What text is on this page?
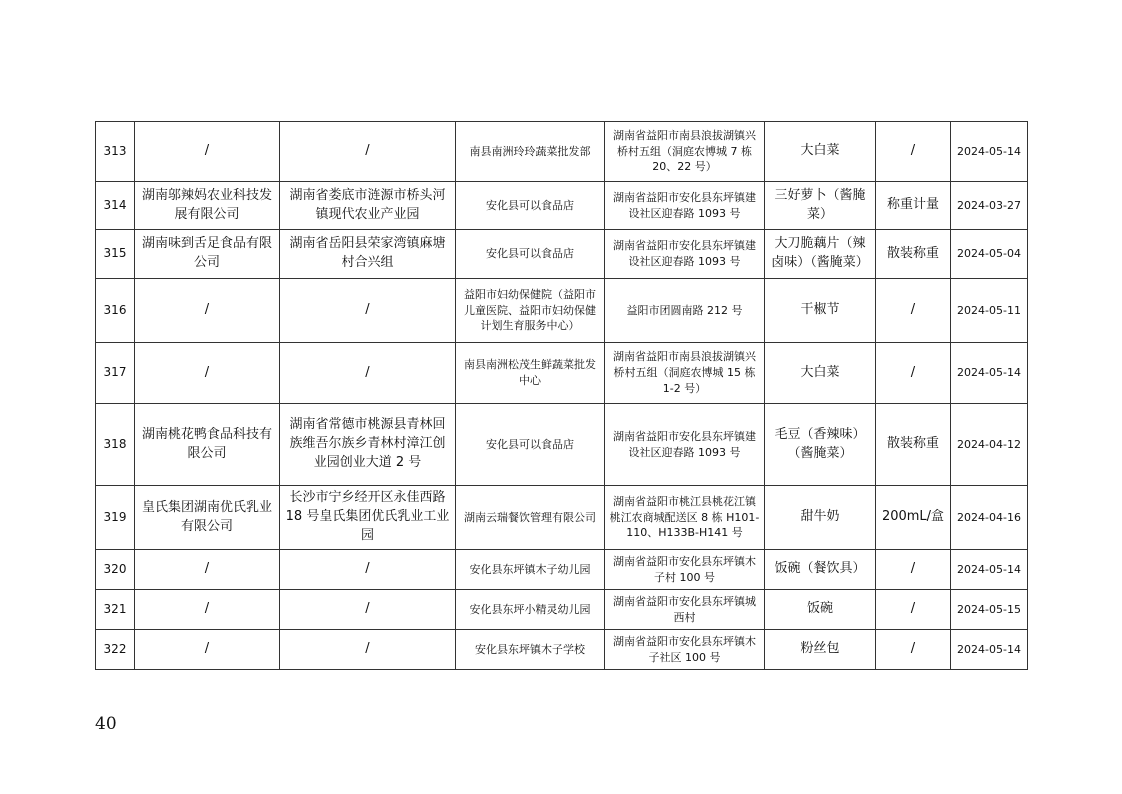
313	/	/	南县南洲玲玲蔬菜批发部	湖南省益阳市南县浪拔湖镇兴桥村五组（洞庭农博城 7 栋 20、22 号）	大白菜	/	2024-05-14
314	湖南邬辣妈农业科技发展有限公司	湖南省娄底市涟源市桥头河镇现代农业产业园	安化县可以食品店	湖南省益阳市安化县东坪镇建设社区迎春路 1093 号	三好萝卜（酱腌菜）	称重计量	2024-03-27
315	湖南味到舌足食品有限公司	湖南省岳阳县荣家湾镇麻塘村合兴组	安化县可以食品店	湖南省益阳市安化县东坪镇建设社区迎春路 1093 号	大刀脆藕片（辣卤味）（酱腌菜）	散装称重	2024-05-04
316	/	/	益阳市妇幼保健院（益阳市儿童医院、益阳市妇幼保健计划生育服务中心）	益阳市团圆南路 212 号	干椒节	/	2024-05-11
317	/	/	南县南洲松茂生鲜蔬菜批发中心	湖南省益阳市南县浪拔湖镇兴桥村五组（洞庭农博城 15 栋 1-2 号）	大白菜	/	2024-05-14
318	湖南桃花鸭食品科技有限公司	湖南省常德市桃源县青林回族维吾尔族乡青林村漳江创业园创业大道 2 号	安化县可以食品店	湖南省益阳市安化县东坪镇建设社区迎春路 1093 号	毛豆（香辣味）（酱腌菜）	散装称重	2024-04-12
319	皇氏集团湖南优氏乳业有限公司	长沙市宁乡经开区永佳西路 18 号皇氏集团优氏乳业工业园	湖南云瑞餐饮管理有限公司	湖南省益阳市桃江县桃花江镇桃江农商城配送区 8 栋 H101-110、H133B-H141 号	甜牛奶	200mL/盒	2024-04-16
320	/	/	安化县东坪镇木子幼儿园	湖南省益阳市安化县东坪镇木子村 100 号	饭碗（餐饮具）	/	2024-05-14
321	/	/	安化县东坪小精灵幼儿园	湖南省益阳市安化县东坪镇城西村	饭碗	/	2024-05-15
322	/	/	安化县东坪镇木子学校	湖南省益阳市安化县东坪镇木子社区 100 号	粉丝包	/	2024-05-14
40
